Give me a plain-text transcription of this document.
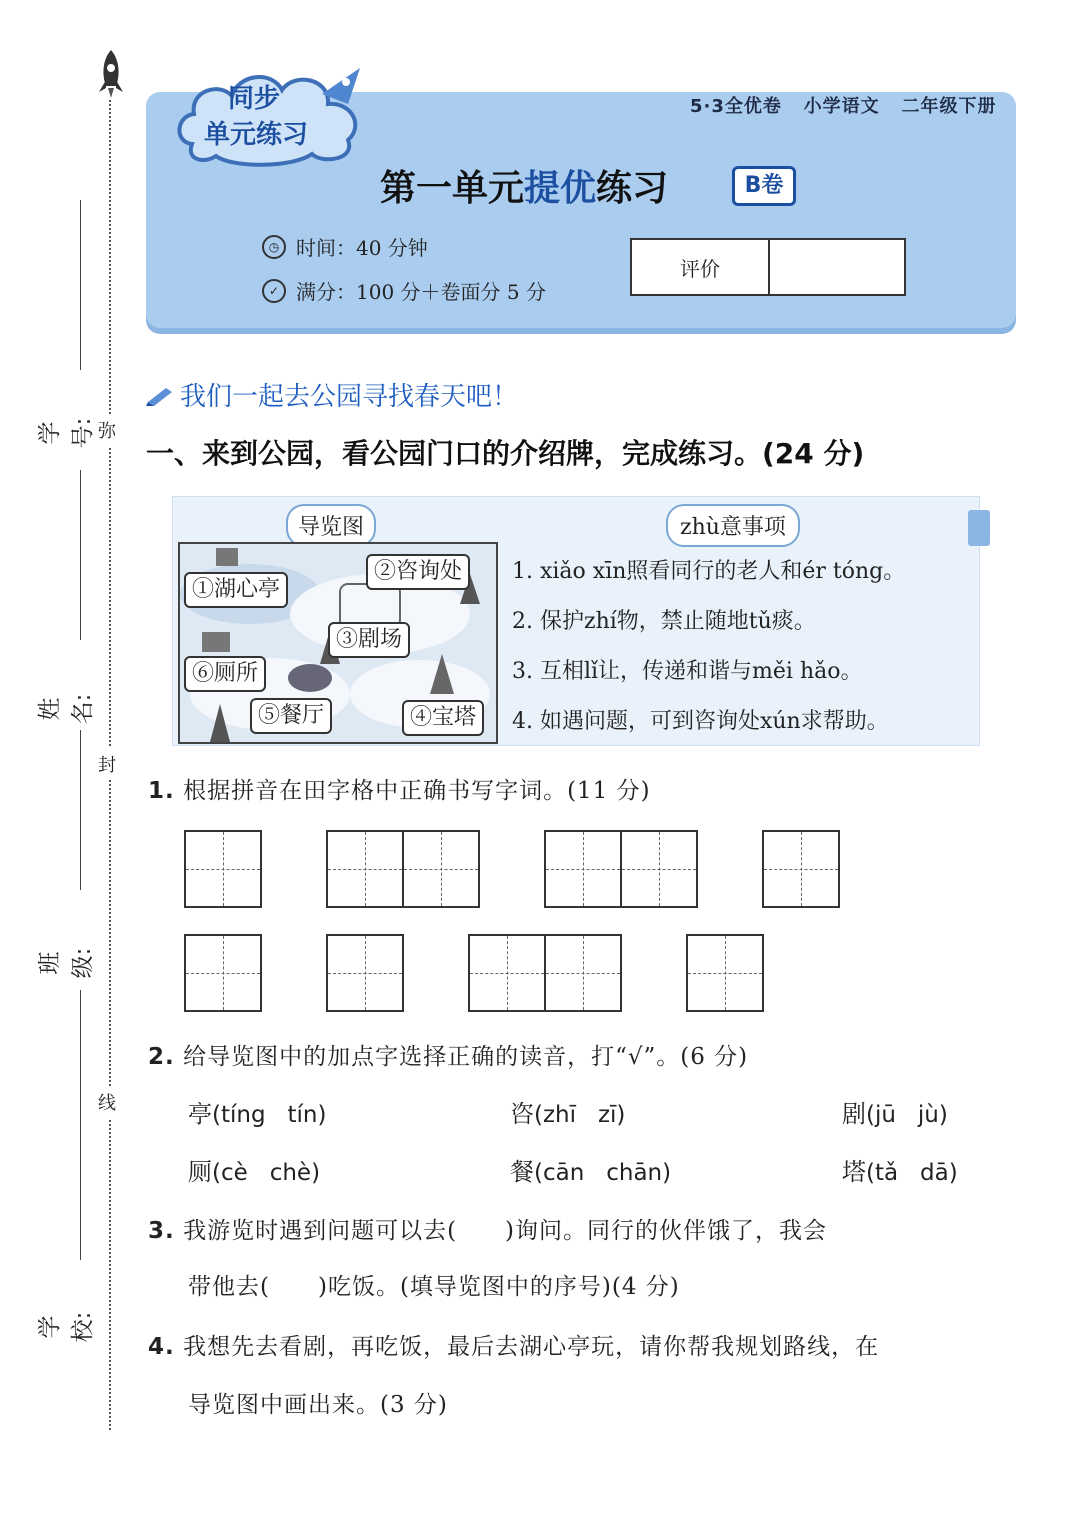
弥
封
线
学号:
姓名:
班级:
学校:
同步
单元练习
5·3全优卷   小学语文   二年级下册
第一单元提优练习	B卷
◷ 时间：40 分钟
✓ 满分：100 分＋卷面分 5 分
评价
我们一起去公园寻找春天吧！
一、来到公园，看公园门口的介绍牌，完成练习。(24 分)
导览图
①湖心亭
②咨询处
③剧场
④宝塔
⑤餐厅
⑥厕所
zhù意事项
1. xiǎo xīn照看同行的老人和ér tóng。
2. 保护zhí物，禁止随地tǔ痰。
3. 互相lǐ让，传递和谐与měi hǎo。
4. 如遇问题，可到咨询处xún求帮助。
1. 根据拼音在田字格中正确书写字词。(11 分)
2. 给导览图中的加点字选择正确的读音，打“√”。(6 分)
亭(tíng   tín)	咨(zhī   zī)	剧(jū   jù)
厕(cè   chè)	餐(cān   chān)	塔(tǎ   dā)
3. 我游览时遇到问题可以去(　　)询问。同行的伙伴饿了，我会
带他去(　　)吃饭。(填导览图中的序号)(4 分)
4. 我想先去看剧，再吃饭，最后去湖心亭玩，请你帮我规划路线，在
导览图中画出来。(3 分)
